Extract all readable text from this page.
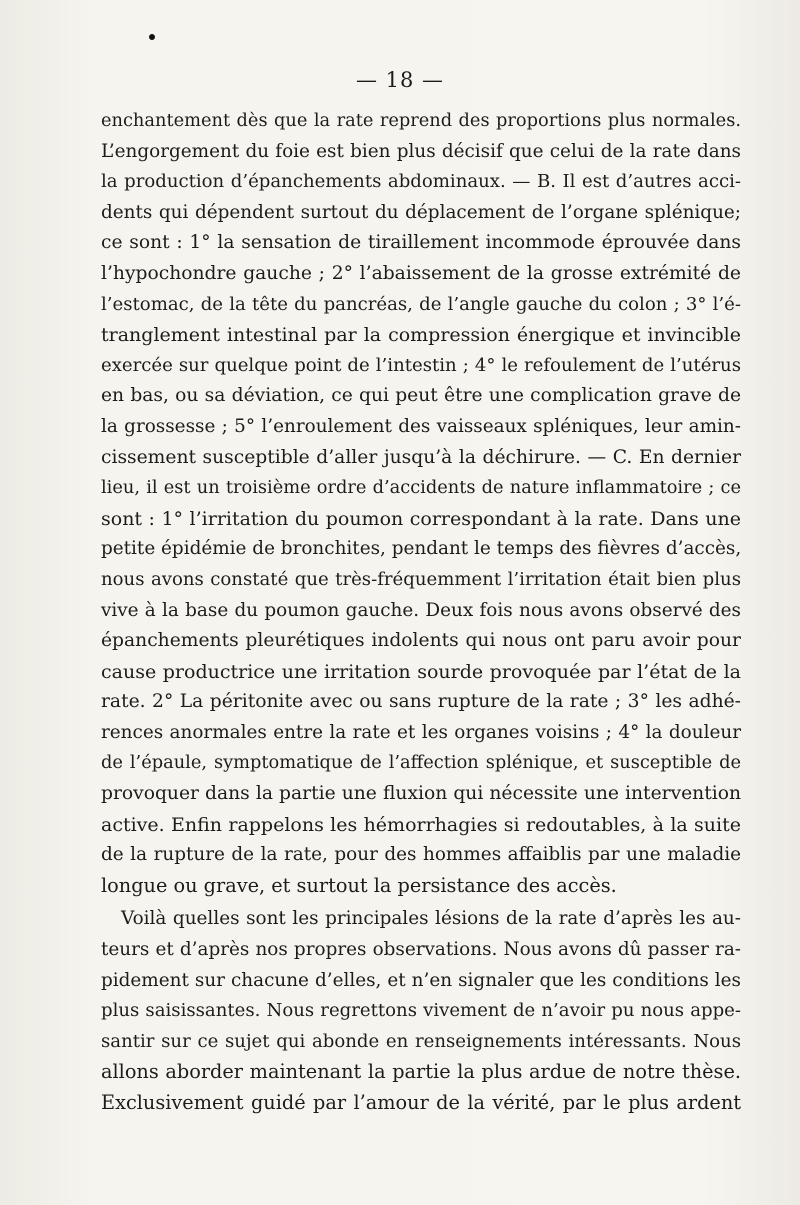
— 18 —
enchantement dès que la rate reprend des proportions plus normales.
L’engorgement du foie est bien plus décisif que celui de la rate dans
la production d’épanchements abdominaux. — B. Il est d’autres acci-
dents qui dépendent surtout du déplacement de l’organe splénique;
ce sont : 1° la sensation de tiraillement incommode éprouvée dans
l’hypochondre gauche ; 2° l’abaissement de la grosse extrémité de
l’estomac, de la tête du pancréas, de l’angle gauche du colon ; 3° l’é-
tranglement intestinal par la compression énergique et invincible
exercée sur quelque point de l’intestin ; 4° le refoulement de l’utérus
en bas, ou sa déviation, ce qui peut être une complication grave de
la grossesse ; 5° l’enroulement des vaisseaux spléniques, leur amin-
cissement susceptible d’aller jusqu’à la déchirure. — C. En dernier
lieu, il est un troisième ordre d’accidents de nature inflammatoire ; ce
sont : 1° l’irritation du poumon correspondant à la rate. Dans une
petite épidémie de bronchites, pendant le temps des fièvres d’accès,
nous avons constaté que très-fréquemment l’irritation était bien plus
vive à la base du poumon gauche. Deux fois nous avons observé des
épanchements pleurétiques indolents qui nous ont paru avoir pour
cause productrice une irritation sourde provoquée par l’état de la
rate. 2° La péritonite avec ou sans rupture de la rate ; 3° les adhé-
rences anormales entre la rate et les organes voisins ; 4° la douleur
de l’épaule, symptomatique de l’affection splénique, et susceptible de
provoquer dans la partie une fluxion qui nécessite une intervention
active. Enfin rappelons les hémorrhagies si redoutables, à la suite
de la rupture de la rate, pour des hommes affaiblis par une maladie
longue ou grave, et surtout la persistance des accès.
Voilà quelles sont les principales lésions de la rate d’après les au-
teurs et d’après nos propres observations. Nous avons dû passer ra-
pidement sur chacune d’elles, et n’en signaler que les conditions les
plus saisissantes. Nous regrettons vivement de n’avoir pu nous appe-
santir sur ce sujet qui abonde en renseignements intéressants. Nous
allons aborder maintenant la partie la plus ardue de notre thèse.
Exclusivement guidé par l’amour de la vérité, par le plus ardent
